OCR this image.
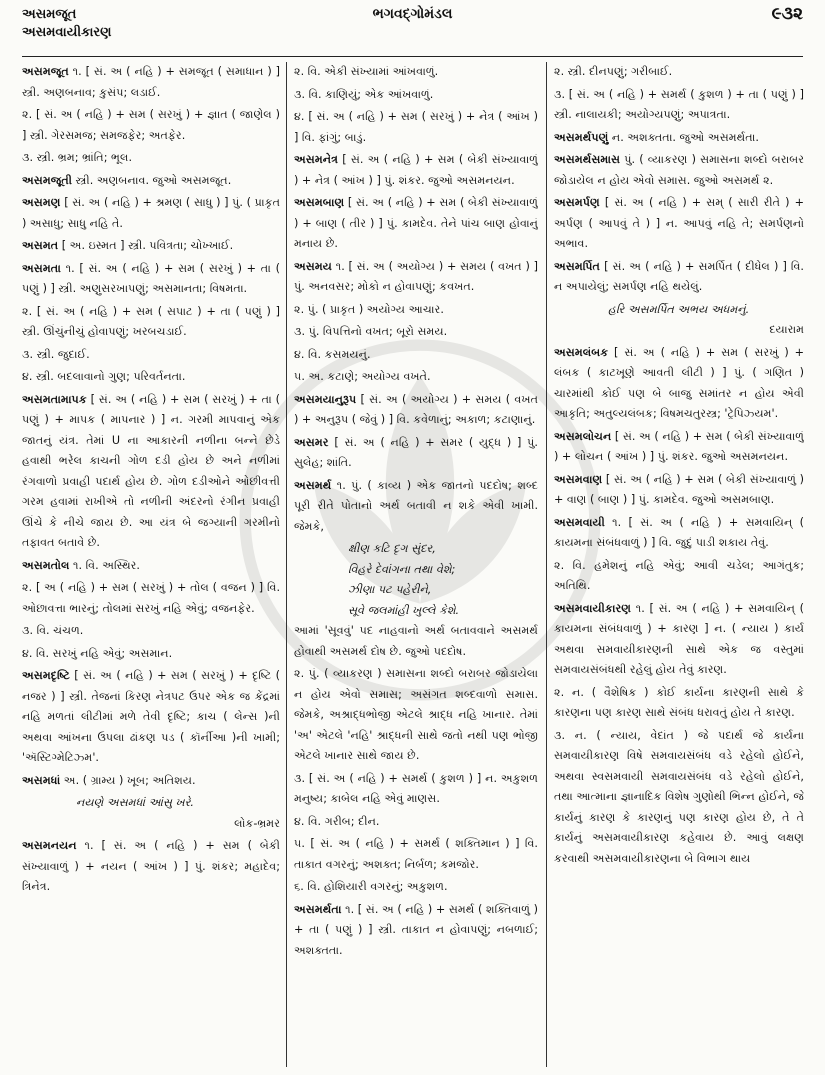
અસમજૂત
અસમવાયીકારણ
ભગવદ્ગોમંડલ	૯૩૨
અસમજૂત ૧. [ સં. અ ( નહિ ) + સમજૂત ( સમાધાન ) ] સ્ત્રી. અણબનાવ; કુસંપ; લડાઈ.
૨. [ સં. અ ( નહિ ) + સમ ( સરખું ) + જ્ઞાત ( જાણેલ ) ] સ્ત્રી. ગેરસમજ; સમજફેર; અતફેર.
૩. સ્ત્રી. ભ્રમ; ભ્રાંતિ; ભૂલ.
અસમજૂતી સ્ત્રી. અણબનાવ. જુઓ અસમજૂત.
અસમણ [ સં. અ ( નહિ ) + શ્રમણ ( સાધુ ) ] પું. ( પ્રાકૃત ) અસાધુ; સાધુ નહિ તે.
અસમત [ અ. ઇસ્મત ] સ્ત્રી. પવિત્રતા; ચોખ્ખાઈ.
અસમતા ૧. [ સં. અ ( નહિ ) + સમ ( સરખું ) + તા ( પણું ) ] સ્ત્રી. અણુસરખાપણું; અસમાનતા; વિષમતા.
૨. [ સં. અ ( નહિ ) + સમ ( સપાટ ) + તા ( પણું ) ] સ્ત્રી. ઊંચુંનીચું હોવાપણું; ખરબચડાઈ.
૩. સ્ત્રી. જુદાઈ.
૪. સ્ત્રી. બદલાવાનો ગુણ; પરિવર્તનતા.
અસમતામાપક [ સં. અ ( નહિ ) + સમ ( સરખું ) + તા ( પણું ) + માપક ( માપનાર ) ] ન. ગરમી માપવાનું એક જાતનું યંત્ર. તેમાં U ના આકારની નળીના બન્ને છેડે હવાથી ભરેલ કાચની ગોળ દડી હોય છે અને નળીમાં રંગવાળો પ્રવાહી પદાર્થ હોય છે. ગોળ દડીઓને ઓછીવત્તી ગરમ હવામાં રાખીએ તો નળીની અંદરનો રંગીન પ્રવાહી ઊંચે કે નીચે જાય છે. આ યંત્ર બે જગ્યાની ગરમીનો તફાવત બતાવે છે.
અસમતોલ ૧. વિ. અસ્થિર.
૨. [ અ ( નહિ ) + સમ ( સરખું ) + તોલ ( વજન ) ] વિ. ઓછાવત્તા ભારનું; તોલમાં સરખું નહિ એવું; વજનફેર.
૩. વિ. ચંચળ.
૪. વિ. સરખું નહિ એવું; અસમાન.
અસમદૃષ્ટિ [ સં. અ ( નહિ ) + સમ ( સરખું ) + દૃષ્ટિ ( નજર ) ] સ્ત્રી. તેજનાં કિરણ નેત્રપટ ઉપર એક જ કેંદ્રમાં નહિ મળતાં લીટીમાં મળે તેવી દૃષ્ટિ; કાચ ( લેન્સ )ની અથવા આંખના ઉપલા ઢાંકણ પડ ( કૉર્નીઆ )ની ખામી; 'ઍસ્ટિગ્મેટિઝ્મ'.
અસમધાં અ. ( ગ્રામ્ય ) ખૂબ; અતિશય.
નયણે અસમધાં આંસુ ખરે.
લોક-ભ્રમર
અસમનયન ૧. [ સં. અ ( નહિ ) + સમ ( બેકી સંખ્યાવાળું ) + નયન ( આંખ ) ] પું. શંકર; મહાદેવ; ત્રિનેત્ર.
૨. વિ. એકી સંખ્યામાં આંખવાળું.
૩. વિ. કાણિયું; એક આંખવાળું.
૪. [ સં. અ ( નહિ ) + સમ ( સરખું ) + નેત્ર ( આંખ ) ] વિ. ફાંગું; બાડું.
અસમનેત્ર [ સં. અ ( નહિ ) + સમ ( બેકી સંખ્યાવાળું ) + નેત્ર ( આંખ ) ] પું. શંકર. જુઓ અસમનયન.
અસમબાણ [ સં. અ ( નહિ ) + સમ ( બેકી સંખ્યાવાળું ) + બાણ ( તીર ) ] પું. કામદેવ. તેને પાંચ બાણ હોવાનું મનાય છે.
અસમય ૧. [ સં. અ ( અયોગ્ય ) + સમય ( વખત ) ] પું. અનવસર; મોકો ન હોવાપણું; કવખત.
૨. પું. ( પ્રાકૃત ) અયોગ્ય આચાર.
૩. પું. વિપત્તિનો વખત; બૂરો સમય.
૪. વિ. કસમયનું.
૫. અ. કટાણે; અયોગ્ય વખતે.
અસમયાનુરૂપ [ સં. અ ( અયોગ્ય ) + સમય ( વખત ) + અનુરૂપ ( જેવું ) ] વિ. કવેળાનું; અકાળ; કટાણાનું.
અસમર [ સં. અ ( નહિ ) + સમર ( યુદ્ધ ) ] પું. સુલેહ; શાંતિ.
અસમર્થ ૧. પું. ( કાવ્ય ) એક જાતનો પદદોષ; શબ્દ પૂરી રીતે પોતાનો અર્થ બતાવી ન શકે એવી ખામી. જેમકે,
ક્ષીણ કટિ દૃગ સુંદર,
વિહરે દેવાંગના તથા વેશે;
ઝીણા પટ પહેરીને,
સૂવે જલમાંહી ખુલ્લે કેશે.
આમાં 'સૂવવું' પદ નાહવાનો અર્થ બતાવવાને અસમર્થ હોવાથી અસમર્થ દોષ છે. જુઓ પદદોષ.
૨. પું. ( વ્યાકરણ ) સમાસના શબ્દો બરાબર જોડાયેલા ન હોય એવો સમાસ; અસંગત શબ્દવાળો સમાસ. જેમકે, અશ્રાદ્ધભોજી એટલે શ્રાદ્ધ નહિ ખાનાર. તેમાં 'અ' એટલે 'નહિ' શ્રાદ્ધની સાથે જતો નથી પણ ભોજી એટલે ખાનાર સાથે જાય છે.
૩. [ સં. અ ( નહિ ) + સમર્થ ( કુશળ ) ] ન. અકુશળ મનુષ્ય; કાબેલ નહિ એવું માણસ.
૪. વિ. ગરીબ; દીન.
૫. [ સં. અ ( નહિ ) + સમર્થ ( શક્તિમાન ) ] વિ. તાકાત વગરનું; અશક્ત; નિર્બળ; કમજોર.
૬. વિ. હોશિયારી વગરનું; અકુશળ.
અસમર્થતા ૧. [ સં. અ ( નહિ ) + સમર્થ ( શક્તિવાળું ) + તા ( પણું ) ] સ્ત્રી. તાકાત ન હોવાપણું; નબળાઈ; અશક્તતા.
૨. સ્ત્રી. દીનપણું; ગરીબાઈ.
૩. [ સં. અ ( નહિ ) + સમર્થ ( કુશળ ) + તા ( પણું ) ] સ્ત્રી. નાલાયકી; અયોગ્યપણું; અપાત્રતા.
અસમર્થપણું ન. અશક્તતા. જુઓ અસમર્થતા.
અસમર્થસમાસ પું. ( વ્યાકરણ ) સમાસના શબ્દો બરાબર જોડાયેલ ન હોય એવો સમાસ. જુઓ અસમર્થ ૨.
અસમર્પણ [ સં. અ ( નહિ ) + સમ્ ( સારી રીતે ) + અર્પણ ( આપવું તે ) ] ન. આપવું નહિ તે; સમર્પણનો અભાવ.
અસમર્પિત [ સં. અ ( નહિ ) + સમર્પિત ( દીધેલ ) ] વિ. ન અપાયેલું; સમર્પણ નહિ થયેલું.
હરિ અસમર્પિત અભય અધમનું.
દયારામ
અસમલંબક [ સં. અ ( નહિ ) + સમ ( સરખું ) + લંબક ( કાટખૂણે આવતી લીટી ) ] પું. ( ગણિત ) ચારમાંથી કોઈ પણ બે બાજુ સમાંતર ન હોય એવી આકૃતિ; અતુલ્યલંબક; વિષમચતુરસ્ત્ર; 'ટ્રેપિઝ્યમ'.
અસમલોચન [ સં. અ ( નહિ ) + સમ ( બેકી સંખ્યાવાળું ) + લોચન ( આંખ ) ] પું. શંકર. જુઓ અસમનયન.
અસમવાણ [ સં. અ ( નહિ ) + સમ ( બેકી સંખ્યાવાળું ) + વાણ ( બાણ ) ] પું. કામદેવ. જુઓ અસમબાણ.
અસમવાયી ૧. [ સં. અ ( નહિ ) + સમવાયિન્ ( કાયમના સંબંધવાળું ) ] વિ. જુદું પાડી શકાય તેવું.
૨. વિ. હમેશનું નહિ એવું; આવી ચડેલ; આગંતુક; અતિથિ.
અસમવાયીકારણ ૧. [ સં. અ ( નહિ ) + સમવાયિન્ ( કાયમના સંબંધવાળું ) + કારણ ] ન. ( ન્યાય ) કાર્ય અથવા સમવાયીકારણની સાથે એક જ વસ્તુમાં સમવાયસંબંધથી રહેલું હોય તેવું કારણ.
૨. ન. ( વૈશેષિક ) કોઈ કાર્યના કારણની સાથે કે કારણના પણ કારણ સાથે સંબંધ ધરાવતું હોય તે કારણ.
૩. ન. ( ન્યાય, વેદાંત ) જે પદાર્થ જે કાર્યના સમવાયીકારણ વિષે સમવાયસંબંધ વડે રહેલો હોઈને, અથવા સ્વસમવાયી સમવાયસંબંધ વડે રહેલો હોઈને, તથા આત્માના જ્ઞાનાદિક વિશેષ ગુણોથી ભિન્ન હોઈને, જે કાર્યનું કારણ કે કારણનું પણ કારણ હોય છે, તે તે કાર્યનું અસમવાયીકારણ કહેવાય છે. આવું લક્ષણ કરવાથી અસમવાયીકારણના બે વિભાગ થાય
